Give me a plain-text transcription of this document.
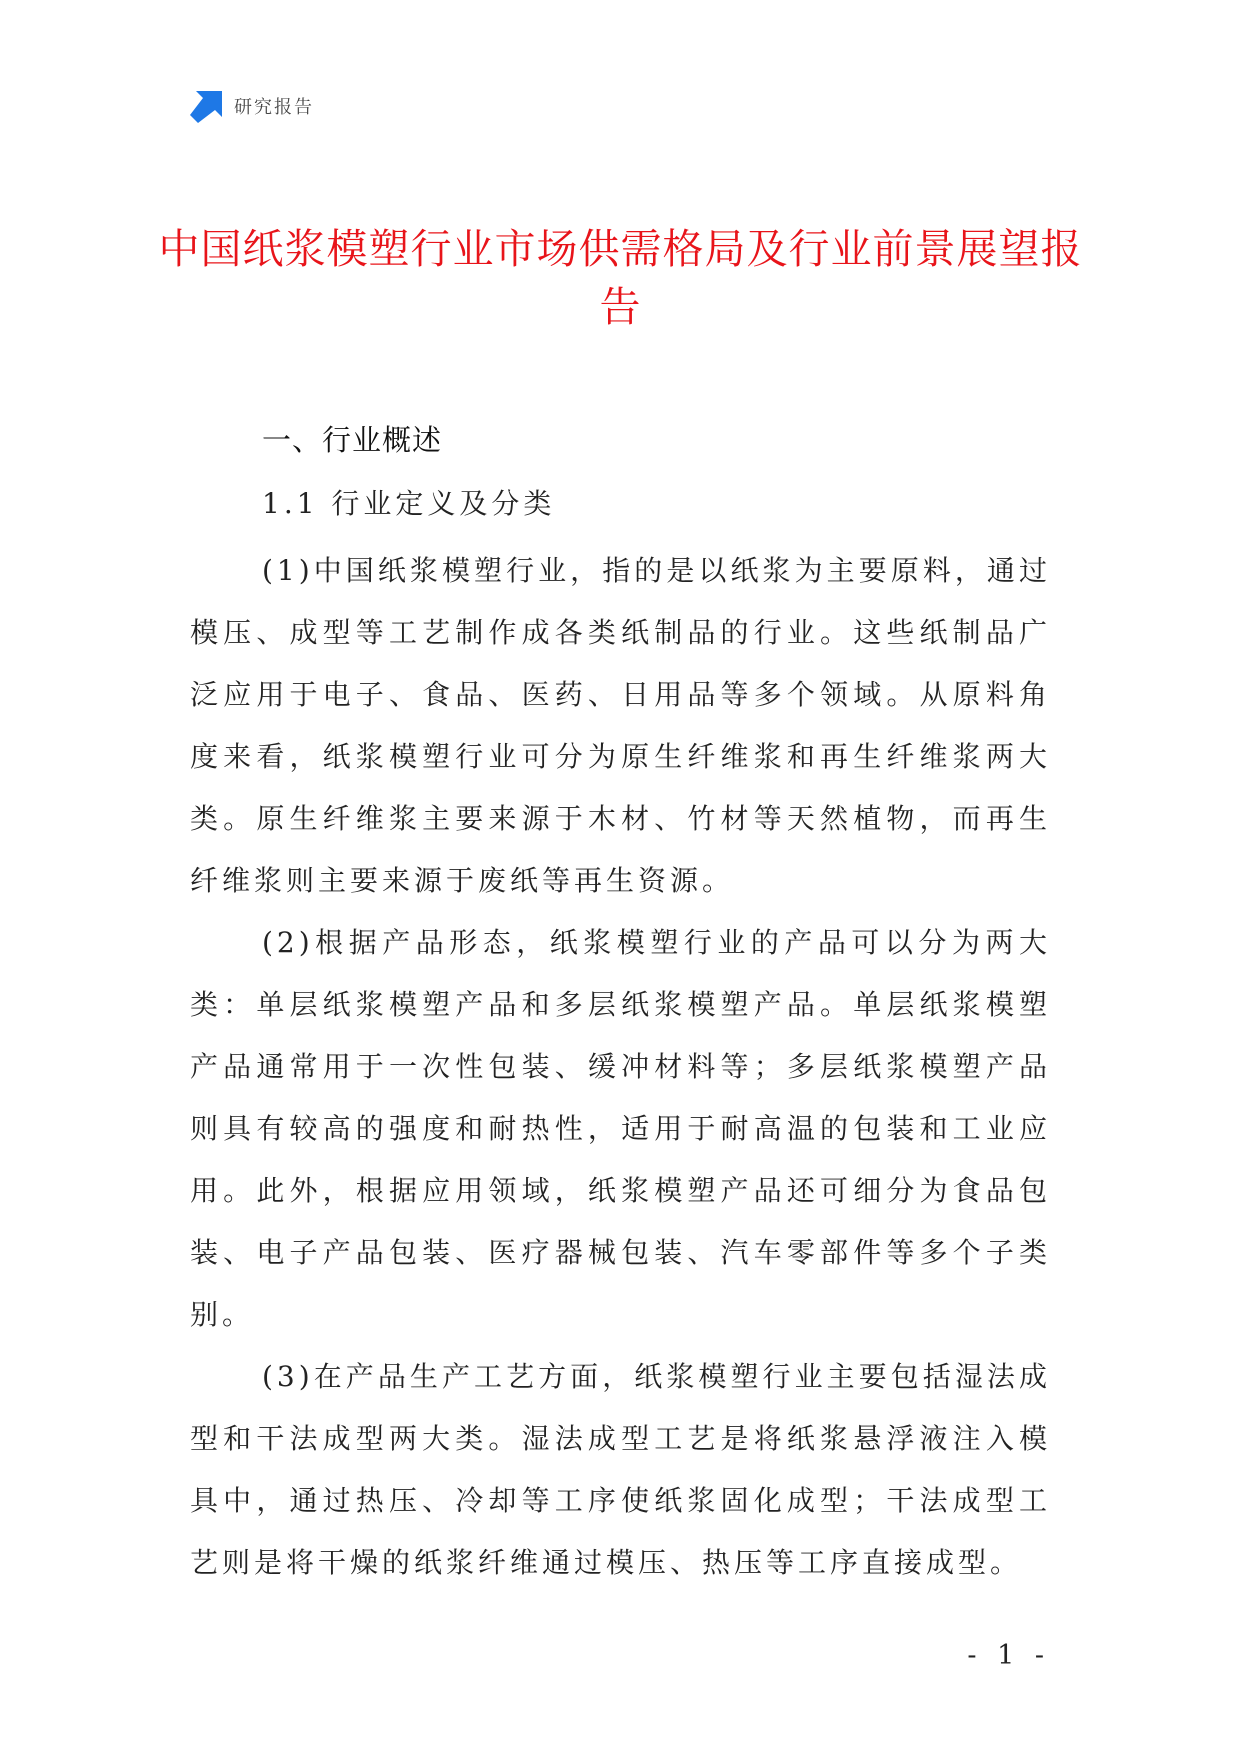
研究报告
中国纸浆模塑行业市场供需格局及行业前景展望报告
一、行业概述
1.1 行业定义及分类

(1)中国纸浆模塑行业，指的是以纸浆为主要原料，通过模压、成型等工艺制作成各类纸制品的行业。这些纸制品广泛应用于电子、食品、医药、日用品等多个领域。从原料角度来看，纸浆模塑行业可分为原生纤维浆和再生纤维浆两大类。原生纤维浆主要来源于木材、竹材等天然植物，而再生纤维浆则主要来源于废纸等再生资源。

(2)根据产品形态，纸浆模塑行业的产品可以分为两大类：单层纸浆模塑产品和多层纸浆模塑产品。单层纸浆模塑产品通常用于一次性包装、缓冲材料等；多层纸浆模塑产品则具有较高的强度和耐热性，适用于耐高温的包装和工业应用。此外，根据应用领域，纸浆模塑产品还可细分为食品包装、电子产品包装、医疗器械包装、汽车零部件等多个子类别。

(3)在产品生产工艺方面，纸浆模塑行业主要包括湿法成型和干法成型两大类。湿法成型工艺是将纸浆悬浮液注入模具中，通过热压、冷却等工序使纸浆固化成型；干法成型工艺则是将干燥的纸浆纤维通过模压、热压等工序直接成型。

- 1 -
